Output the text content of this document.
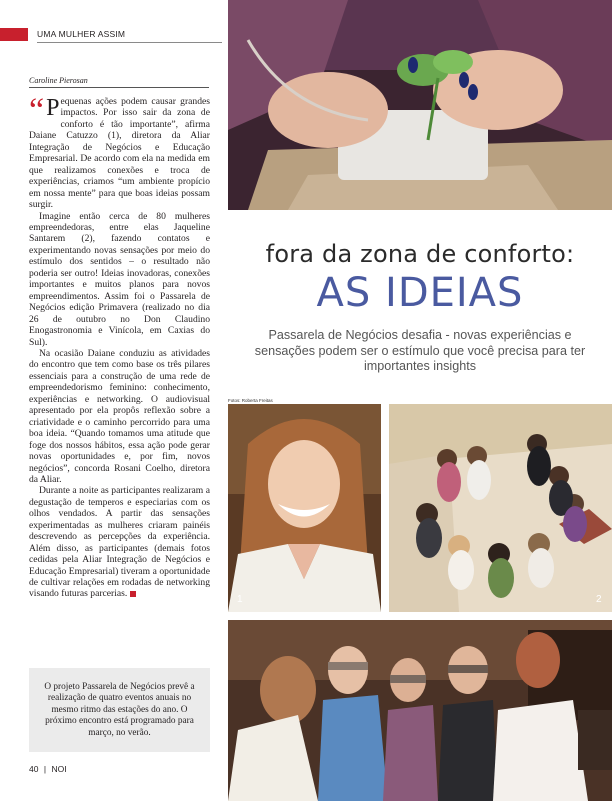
UMA MULHER ASSIM
Caroline Pierosan

“ P equenas ações podem causar grandes impactos. Por isso sair da zona de conforto é tão importante”, afirma Daiane Catuzzo (1), diretora da Aliar Integração de Negócios e Educação Empresarial. De acordo com ela na medida em que realizamos conexões e troca de experiências, criamos “um ambiente propício em nossa mente” para que boas ideias possam surgir.

Imagine então cerca de 80 mulheres empreendedoras, entre elas Jaqueline Santarem (2), fazendo contatos e experimentando novas sensações por meio do estímulo dos sentidos – o resultado não poderia ser outro! Ideias inovadoras, conexões importantes e muitos planos para novos empreendimentos. Assim foi o Passarela de Negócios edição Primavera (realizado no dia 26 de outubro no Don Claudino Enogastronomia e Vinícola, em Caxias do Sul).

Na ocasião Daiane conduziu as atividades do encontro que tem como base os três pilares essenciais para a construção de uma rede de empreendedorismo feminino: conhecimento, experiências e networking. O audiovisual apresentado por ela propôs reflexão sobre a criatividade e o caminho percorrido para uma boa ideia. “Quando tomamos uma atitude que foge dos nossos hábitos, essa ação pode gerar novas oportunidades e, por fim, novos negócios”, concorda Rosani Coelho, diretora da Aliar.

Durante a noite as participantes realizaram a degustação de temperos e especiarias com os olhos vendados. A partir das sensações experimentadas as mulheres criaram painéis descrevendo as percepções da experiência. Além disso, as participantes (demais fotos cedidas pela Aliar Integração de Negócios e Educação Empresarial) tiveram a oportunidade de cultivar relações em rodadas de networking visando futuras parcerias.

O projeto Passarela de Negócios prevê a realização de quatro eventos anuais no mesmo ritmo das estações do ano. O próximo encontro está programado para março, no verão.

40 | NOI
fora da zona de conforto:
AS IDEIAS
Passarela de Negócios desafia - novas experiências e sensações podem ser o estímulo que você precisa para ter importantes insights
Fotos: Roberta Freitas
1	2
